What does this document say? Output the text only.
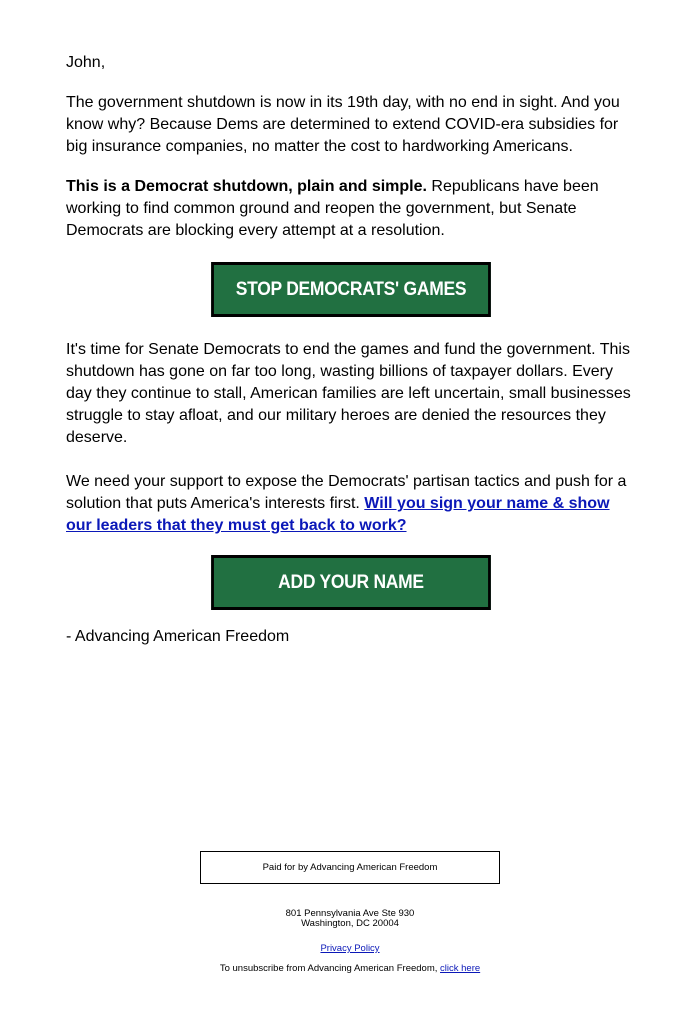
John,

The government shutdown is now in its 19th day, with no end in sight. And you know why? Because Dems are determined to extend COVID-era subsidies for big insurance companies, no matter the cost to hardworking Americans.

This is a Democrat shutdown, plain and simple. Republicans have been working to find common ground and reopen the government, but Senate Democrats are blocking every attempt at a resolution.

STOP DEMOCRATS' GAMES

It's time for Senate Democrats to end the games and fund the government. This shutdown has gone on far too long, wasting billions of taxpayer dollars. Every day they continue to stall, American families are left uncertain, small businesses struggle to stay afloat, and our military heroes are denied the resources they deserve.

We need your support to expose the Democrats' partisan tactics and push for a solution that puts America's interests first. Will you sign your name & show our leaders that they must get back to work?

ADD YOUR NAME

- Advancing American Freedom

Paid for by Advancing American Freedom
801 Pennsylvania Ave Ste 930
Washington, DC 20004
Privacy Policy
To unsubscribe from Advancing American Freedom, click here
